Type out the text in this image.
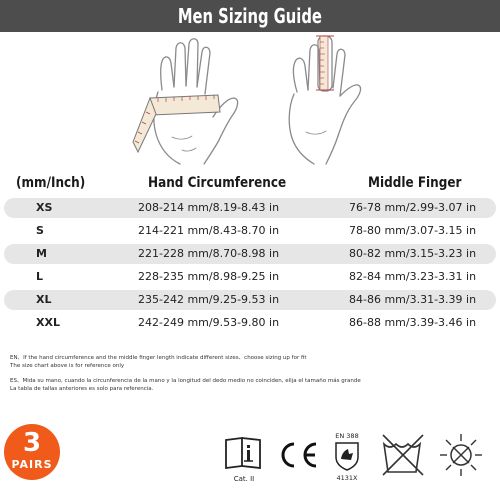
Men Sizing Guide
(mm/Inch)	Hand Circumference	Middle Finger
XS	208-214 mm/8.19-8.43 in	76-78 mm/2.99-3.07 in
S	214-221 mm/8.43-8.70 in	78-80 mm/3.07-3.15 in
M	221-228 mm/8.70-8.98 in	80-82 mm/3.15-3.23 in
L	228-235 mm/8.98-9.25 in	82-84 mm/3.23-3.31 in
XL	235-242 mm/9.25-9.53 in	84-86 mm/3.31-3.39 in
XXL	242-249 mm/9.53-9.80 in	86-88 mm/3.39-3.46 in
EN、If the hand circumference and the middle finger length indicate different sizes、choose sizing up for fit
The size chart above is for reference only
ES、Mida su mano, cuando la circunferencia de la mano y la longitud del dedo medio no coinciden, elija el tamaño más grande
La tabla de tallas anteriores es solo para referencia.
3
PAIRS
Cat. II
EN 388
4131X
